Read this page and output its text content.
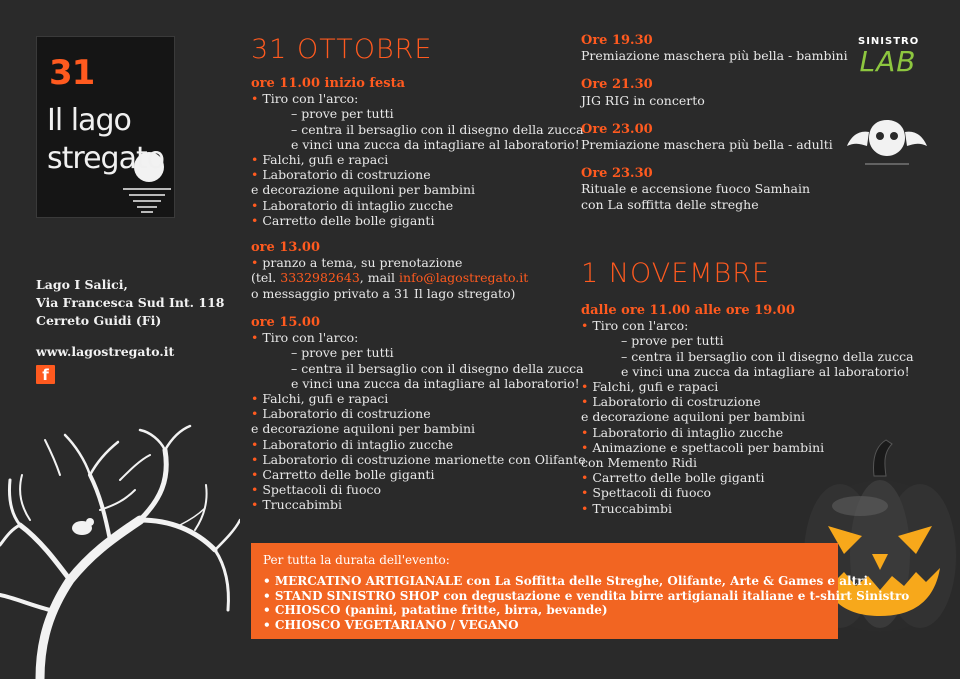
31
Il lago
stregato
Lago I Salici,
Via Francesca Sud Int. 118
Cerreto Guidi (Fi)
www.lagostregato.it
f
31 OTTOBRE
ore 11.00 inizio festa
• Tiro con l'arco:
– prove per tutti
– centra il bersaglio con il disegno della zucca
e vinci una zucca da intagliare al laboratorio!
• Falchi, gufi e rapaci
• Laboratorio di costruzione
e decorazione aquiloni per bambini
• Laboratorio di intaglio zucche
• Carretto delle bolle giganti
ore 13.00
• pranzo a tema, su prenotazione
(tel. 3332982643, mail info@lagostregato.it
o messaggio privato a 31 Il lago stregato)
ore 15.00
• Tiro con l'arco:
– prove per tutti
– centra il bersaglio con il disegno della zucca
e vinci una zucca da intagliare al laboratorio!
• Falchi, gufi e rapaci
• Laboratorio di costruzione
e decorazione aquiloni per bambini
• Laboratorio di intaglio zucche
• Laboratorio di costruzione marionette con Olifante
• Carretto delle bolle giganti
• Spettacoli di fuoco
• Truccabimbi
Ore 19.30
Premiazione maschera più bella - bambini
Ore 21.30
JIG RIG in concerto
Ore 23.00
Premiazione maschera più bella - adulti
Ore 23.30
Rituale e accensione fuoco Samhain
con La soffitta delle streghe
1 NOVEMBRE
dalle ore 11.00 alle ore 19.00
• Tiro con l'arco:
– prove per tutti
– centra il bersaglio con il disegno della zucca
e vinci una zucca da intagliare al laboratorio!
• Falchi, gufi e rapaci
• Laboratorio di costruzione
e decorazione aquiloni per bambini
• Laboratorio di intaglio zucche
• Animazione e spettacoli per bambini
con Memento Ridi
• Carretto delle bolle giganti
• Spettacoli di fuoco
• Truccabimbi
SINISTRO
LAB
Per tutta la durata dell'evento:
• MERCATINO ARTIGIANALE con La Soffitta delle Streghe, Olifante, Arte & Games e altri.
• STAND SINISTRO SHOP con degustazione e vendita birre artigianali italiane e t-shirt Sinistro
• CHIOSCO (panini, patatine fritte, birra, bevande)
• CHIOSCO VEGETARIANO / VEGANO
